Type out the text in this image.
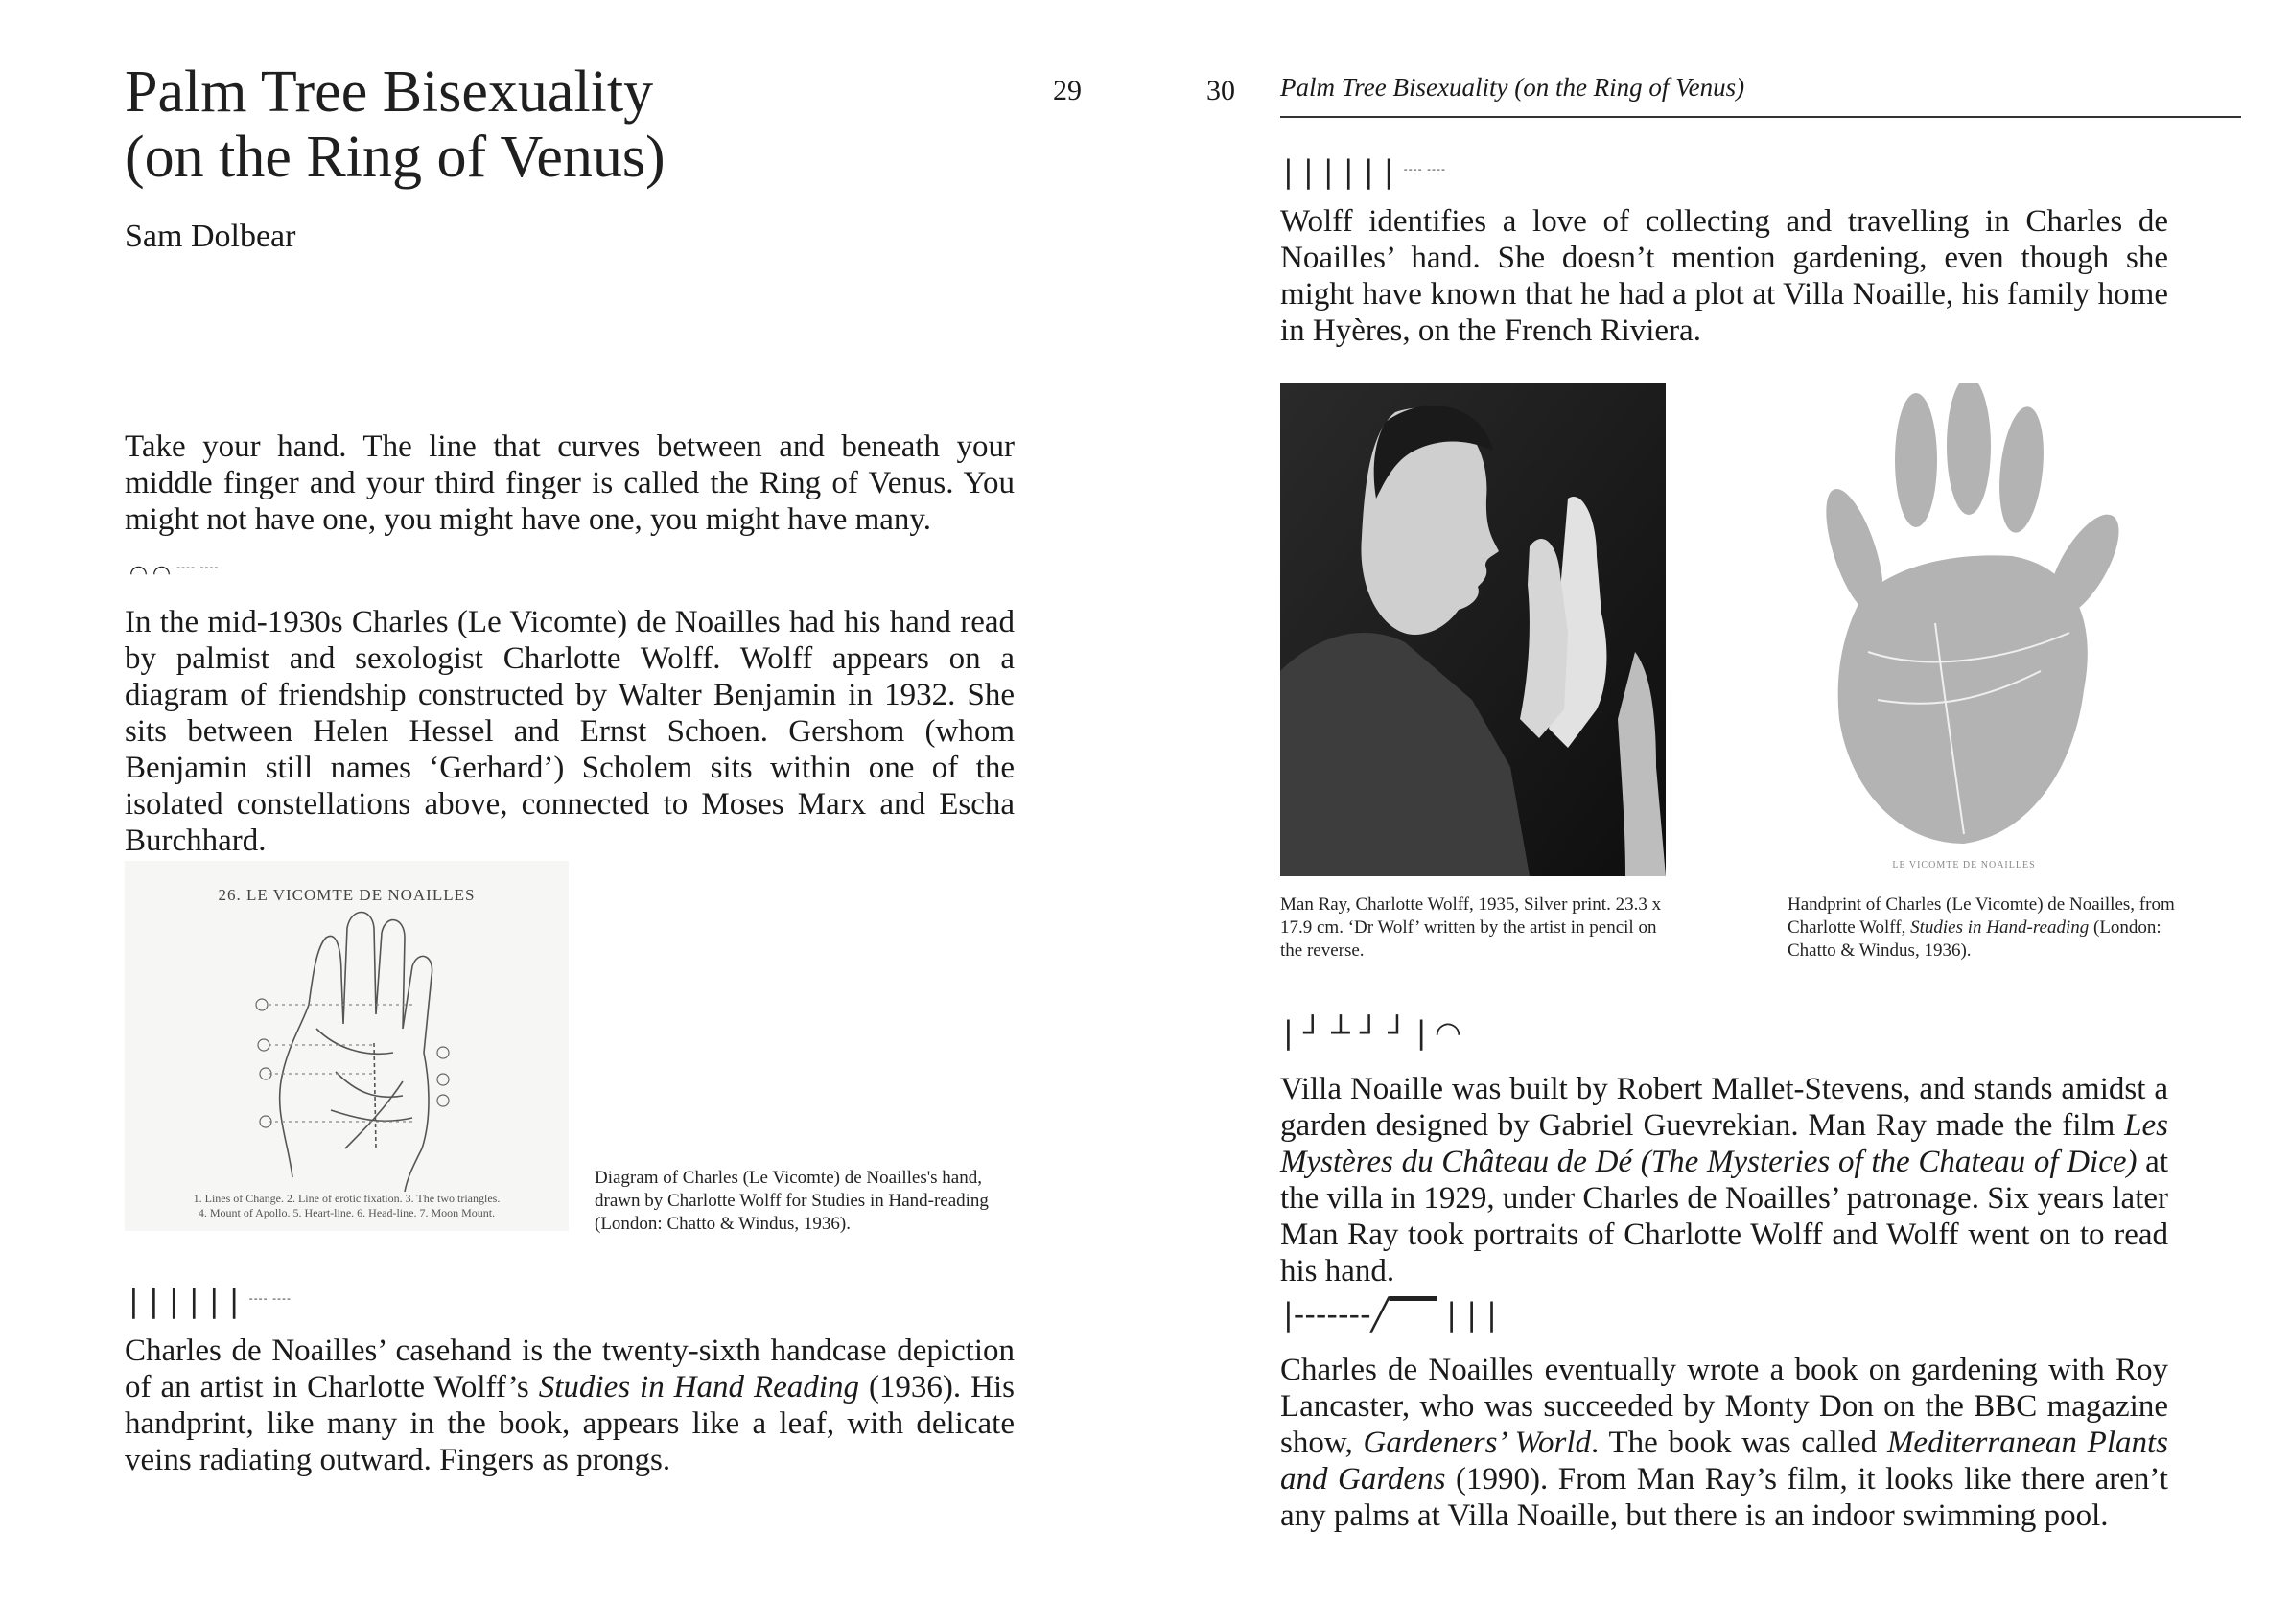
Palm Tree Bisexuality
(on the Ring of Venus)
Sam Dolbear
29

Take your hand. The line that curves between and beneath your middle finger and your third finger is called the Ring of Venus. You might not have one, you might have one, you might have many.

◜◝ ◜◝ ---- ----

In the mid-1930s Charles (Le Vicomte) de Noailles had his hand read by palmist and sexologist Charlotte Wolff. Wolff appears on a diagram of friendship constructed by Walter Benjamin in 1932. She sits between Helen Hessel and Ernst Schoen. Gershom (whom Benjamin still names ‘Gerhard’) Scholem sits within one of the isolated constellations above, connected to Moses Marx and Escha Burchhard.

26. LE VICOMTE DE NOAILLES
1. Lines of Change. 2. Line of erotic fixation. 3. The two triangles.
4. Mount of Apollo. 5. Heart-line. 6. Head-line. 7. Moon Mount.
Diagram of Charles (Le Vicomte) de Noailles's hand, drawn by Charlotte Wolff for Studies in Hand-reading (London: Chatto & Windus, 1936).
| | | | | | ---- ----

Charles de Noailles’ casehand is the twenty-sixth handcase depiction of an artist in Charlotte Wolff’s Studies in Hand Reading (1936). His handprint, like many in the book, appears like a leaf, with delicate veins radiating outward. Fingers as prongs.

30 Palm Tree Bisexuality (on the Ring of Venus)
| | | | | | ---- ----

Wolff identifies a love of collecting and travelling in Charles de Noailles’ hand. She doesn’t mention gardening, even though she might have known that he had a plot at Villa Noaille, his family home in Hyères, on the French Riviera.

Man Ray, Charlotte Wolff, 1935, Silver print. 23.3 x 17.9 cm. ‘Dr Wolf’ written by the artist in pencil on the reverse.
LE VICOMTE DE NOAILLES
Handprint of Charles (Le Vicomte) de Noailles, from Charlotte Wolff, Studies in Hand-reading (London: Chatto & Windus, 1936).
| ┘ ┴ ┘ ┘ | ◜◝

Villa Noaille was built by Robert Mallet-Stevens, and stands amidst a garden designed by Gabriel Guevrekian. Man Ray made the film Les Mystères du Château de Dé (The Mysteries of the Chateau of Dice) at the villa in 1929, under Charles de Noailles’ patronage. Six years later Man Ray took portraits of Charlotte Wolff and Wolff went on to read his hand.

|-------╱▔▔ | | |

Charles de Noailles eventually wrote a book on gardening with Roy Lancaster, who was succeeded by Monty Don on the BBC magazine show, Gardeners’ World. The book was called Mediterranean Plants and Gardens (1990). From Man Ray’s film, it looks like there aren’t any palms at Villa Noaille, but there is an indoor swimming pool.
